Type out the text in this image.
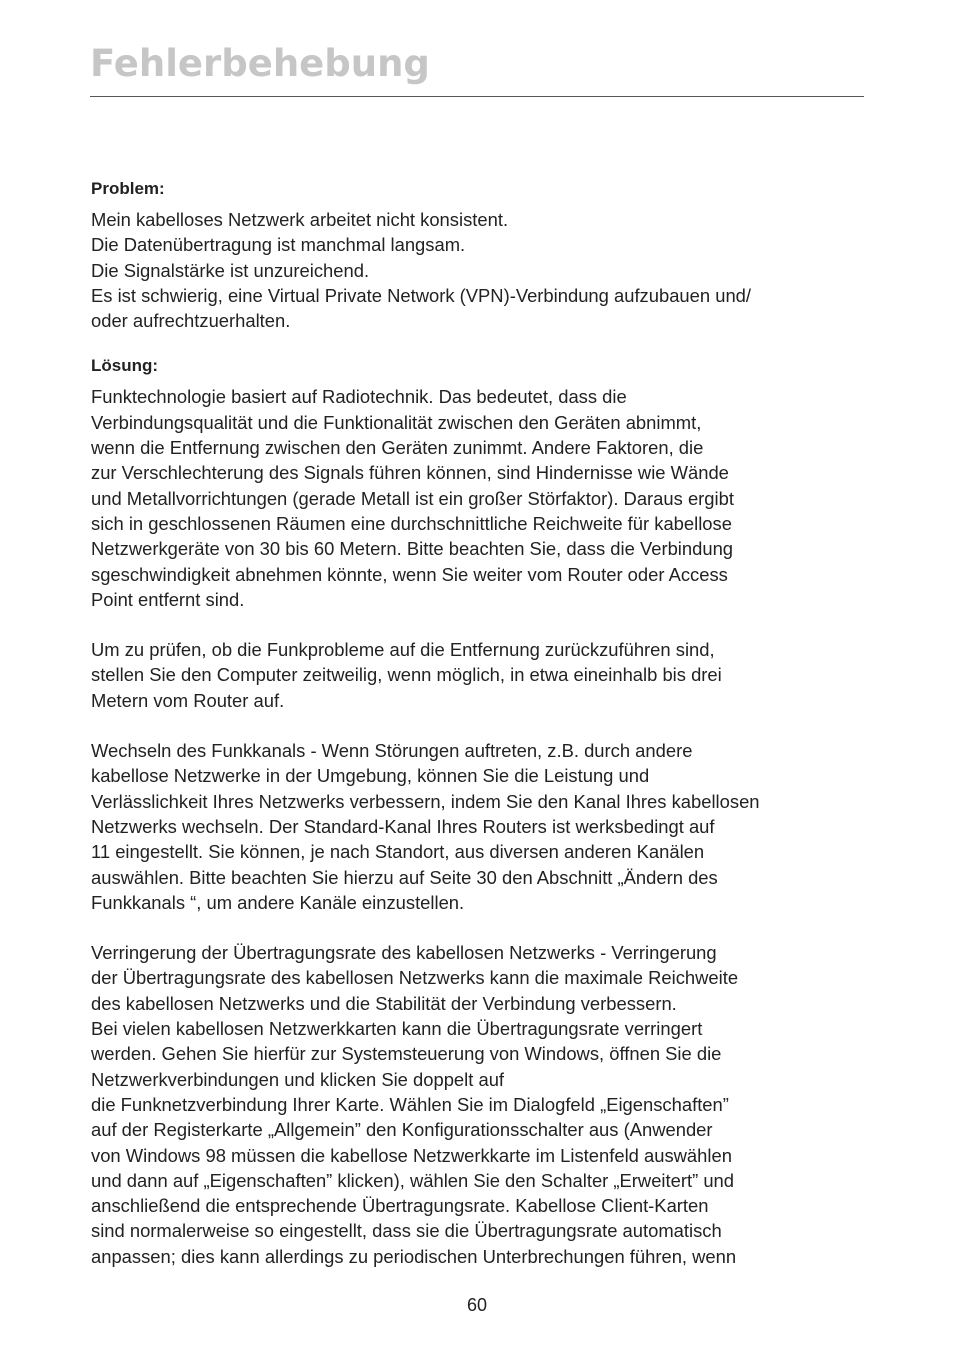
Fehlerbehebung
Problem:
Mein kabelloses Netzwerk arbeitet nicht konsistent.
Die Datenübertragung ist manchmal langsam.
Die Signalstärke ist unzureichend.
Es ist schwierig, eine Virtual Private Network (VPN)-Verbindung aufzubauen und/
oder aufrechtzuerhalten.
Lösung:
Funktechnologie basiert auf Radiotechnik. Das bedeutet, dass die
Verbindungsqualität und die Funktionalität zwischen den Geräten abnimmt,
wenn die Entfernung zwischen den Geräten zunimmt. Andere Faktoren, die
zur Verschlechterung des Signals führen können, sind Hindernisse wie Wände
und Metallvorrichtungen (gerade Metall ist ein großer Störfaktor). Daraus ergibt
sich in geschlossenen Räumen eine durchschnittliche Reichweite für kabellose
Netzwerkgeräte von 30 bis 60 Metern. Bitte beachten Sie, dass die Verbindung
sgeschwindigkeit abnehmen könnte, wenn Sie weiter vom Router oder Access
Point entfernt sind.
Um zu prüfen, ob die Funkprobleme auf die Entfernung zurückzuführen sind,
stellen Sie den Computer zeitweilig, wenn möglich, in etwa eineinhalb bis drei
Metern vom Router auf.
Wechseln des Funkkanals - Wenn Störungen auftreten, z.B. durch andere
kabellose Netzwerke in der Umgebung, können Sie die Leistung und
Verlässlichkeit Ihres Netzwerks verbessern, indem Sie den Kanal Ihres kabellosen
Netzwerks wechseln. Der Standard-Kanal Ihres Routers ist werksbedingt auf
11 eingestellt. Sie können, je nach Standort, aus diversen anderen Kanälen
auswählen. Bitte beachten Sie hierzu auf Seite 30 den Abschnitt „Ändern des
Funkkanals “, um andere Kanäle einzustellen.
Verringerung der Übertragungsrate des kabellosen Netzwerks - Verringerung
der Übertragungsrate des kabellosen Netzwerks kann die maximale Reichweite
des kabellosen Netzwerks und die Stabilität der Verbindung verbessern.
Bei vielen kabellosen Netzwerkkarten kann die Übertragungsrate verringert
werden. Gehen Sie hierfür zur Systemsteuerung von Windows, öffnen Sie die
Netzwerkverbindungen und klicken Sie doppelt auf
die Funknetzverbindung Ihrer Karte. Wählen Sie im Dialogfeld „Eigenschaften”
auf der Registerkarte „Allgemein” den Konfigurationsschalter aus (Anwender
von Windows 98 müssen die kabellose Netzwerkkarte im Listenfeld auswählen
und dann auf „Eigenschaften” klicken), wählen Sie den Schalter „Erweitert” und
anschließend die entsprechende Übertragungsrate. Kabellose Client-Karten
sind normalerweise so eingestellt, dass sie die Übertragungsrate automatisch
anpassen; dies kann allerdings zu periodischen Unterbrechungen führen, wenn
60
